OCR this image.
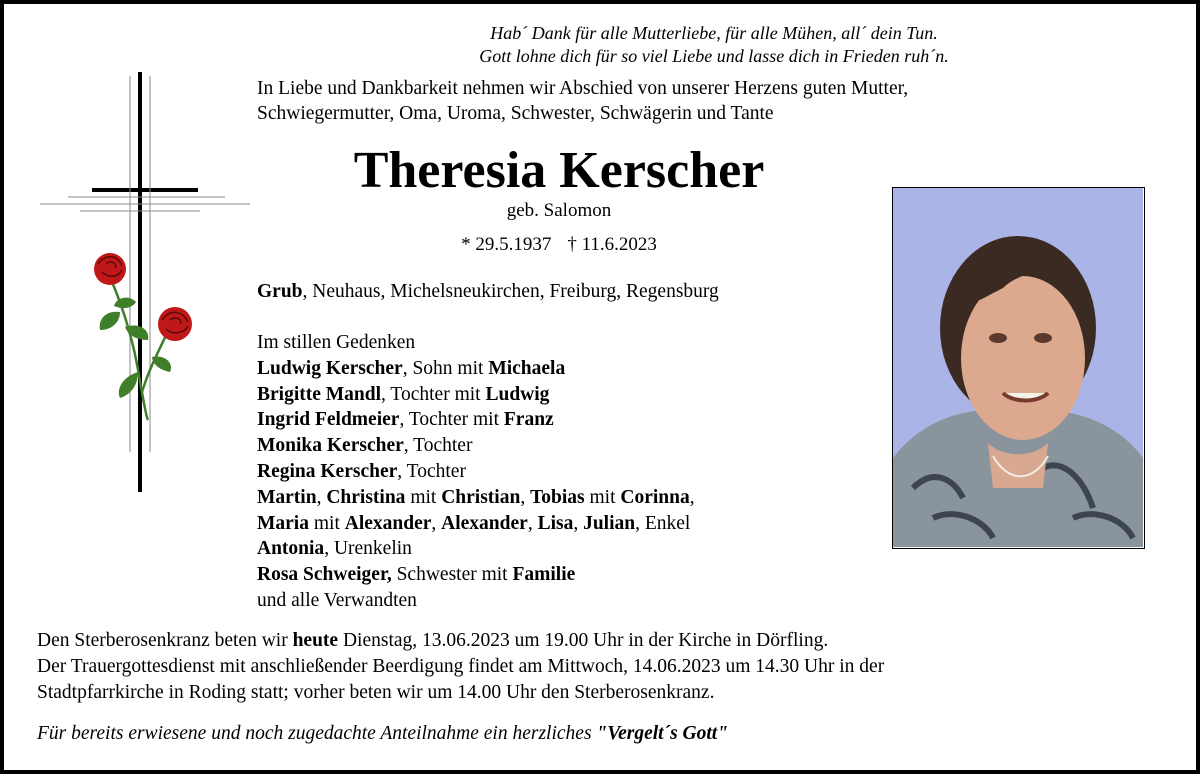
Hab´ Dank für alle Mutterliebe, für alle Mühen, all´ dein Tun.
Gott lohne dich für so viel Liebe und lasse dich in Frieden ruh´n.
In Liebe und Dankbarkeit nehmen wir Abschied von unserer Herzens guten Mutter,
Schwiegermutter, Oma, Uroma, Schwester, Schwägerin und Tante
Theresia Kerscher
geb. Salomon
* 29.5.1937 † 11.6.2023
Grub, Neuhaus, Michelsneukirchen, Freiburg, Regensburg
Im stillen Gedenken
Ludwig Kerscher, Sohn mit Michaela
Brigitte Mandl, Tochter mit Ludwig
Ingrid Feldmeier, Tochter mit Franz
Monika Kerscher, Tochter
Regina Kerscher, Tochter
Martin, Christina mit Christian, Tobias mit Corinna,
Maria mit Alexander, Alexander, Lisa, Julian, Enkel
Antonia, Urenkelin
Rosa Schweiger, Schwester mit Familie
und alle Verwandten
Den Sterberosenkranz beten wir heute Dienstag, 13.06.2023 um 19.00 Uhr in der Kirche in Dörfling.
Der Trauergottesdienst mit anschließender Beerdigung findet am Mittwoch, 14.06.2023 um 14.30 Uhr in der
Stadtpfarrkirche in Roding statt; vorher beten wir um 14.00 Uhr den Sterberosenkranz.
Für bereits erwiesene und noch zugedachte Anteilnahme ein herzliches "Vergelt´s Gott"
